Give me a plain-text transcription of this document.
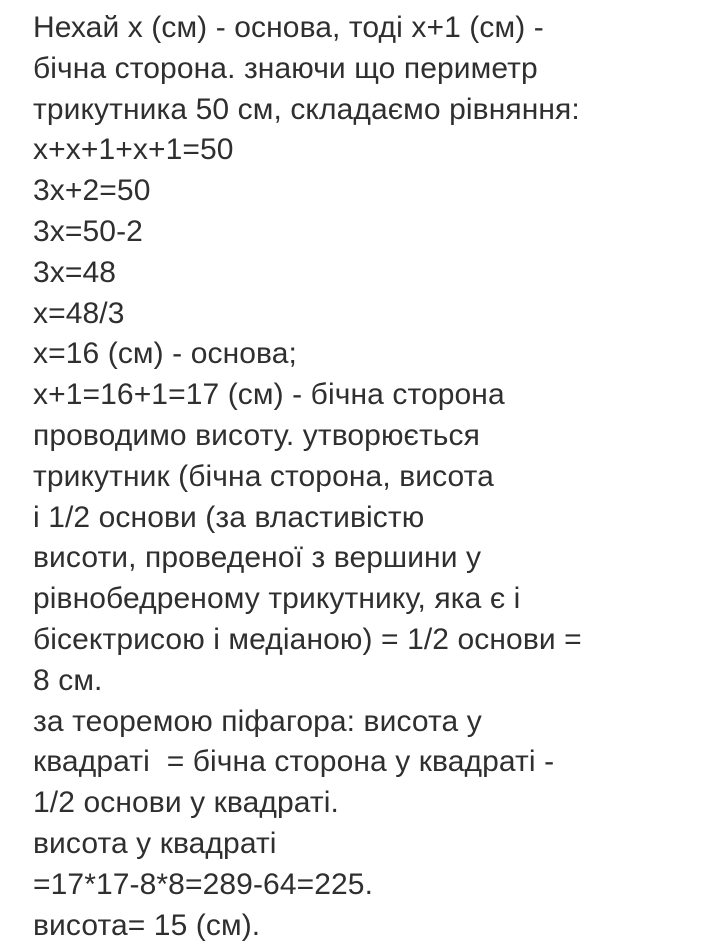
Нехай х (см) - основа, тоді х+1 (см) -
бічна сторона. знаючи що периметр
трикутника 50 см, складаємо рівняння:
х+х+1+х+1=50
3х+2=50
3х=50-2
3х=48
х=48/3
х=16 (см) - основа;
х+1=16+1=17 (см) - бічна сторона
проводимо висоту. утворюється
трикутник (бічна сторона, висота
і 1/2 основи (за властивістю
висоти, проведеної з вершини у
рівнобедреному трикутнику, яка є і
бісектрисою і медіаною) = 1/2 основи =
8 см.
за теоремою піфагора: висота у
квадраті  = бічна сторона у квадраті -
1/2 основи у квадраті.
висота у квадраті
=17*17-8*8=289-64=225.
висота= 15 (см).
